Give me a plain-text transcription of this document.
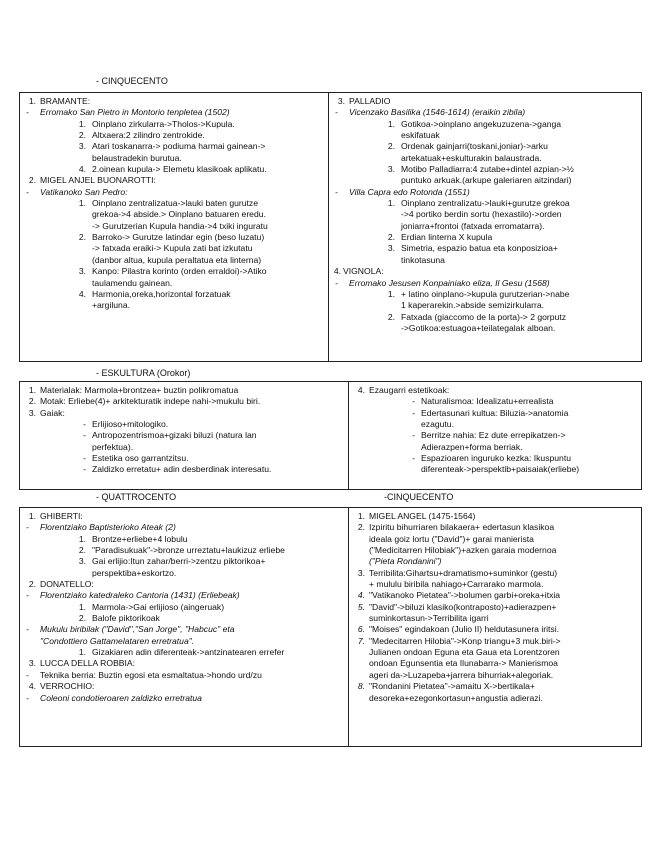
- CINQUECENTO
1. BRAMANTE:
- Erromako San Pietro in Montorio tenpletea (1502)
1. Oinplano zirkularra->Tholos->Kupula.
2. Altxaera:2 zilindro zentrokide.
3. Atari toskanarra-> podiuma harmai gainean->
belaustradekin burutua.
4. 2.oinean kupula-> Elemetu klasikoak aplikatu.
2. MIGEL ANJEL BUONAROTTI:
- Vatikanoko San Pedro:
1. Oinplano zentralizatua->lauki baten gurutze
grekoa->4 abside.> Oinplano batuaren eredu.
-> Gurutzerian Kupula handia->4 txiki inguratu
2. Barroko-> Gurutze latindar egin (beso luzatu)
-> fatxada eraiki-> Kupula zati bat izkutatu
(danbor altua, kupula peraltatua eta linterna)
3. Kanpo: Pilastra korinto (orden erraldoi)->Atiko
taulamendu gainean.
4. Harmonia,oreka,horizontal forzatuak
+argiluna.
3. PALLADIO
- Vicenzako Basilika (1546-1614) (eraikin zibila)
1. Gotikoa->oinplano angekuzuzena->ganga
eskifatuak
2. Ordenak gainjarri(toskani,joniar)->arku
artekatuak+eskulturakin balaustrada.
3. Motibo Palladiarra:4 zutabe+dintel azpian->½
puntuko arkuak.(arkupe galeriaren aitzindari)
- Villa Capra edo Rotonda (1551)
1. Oinplano zentralizatu->lauki+gurutze grekoa
->4 portiko berdin sortu (hexastilo)->orden
joniarra+frontoi (fatxada erromatarra).
2. Erdian linterna X kupula
3. Simetria, espazio batua eta konposizioa+
tinkotasuna
4. VIGNOLA:
- Erromako Jesusen Konpainiako eliza, Il Gesu (1568)
1. + latino oinplano->kupula gurutzerian->nabe
1 kaperarekin.>abside semizirkularra.
2. Fatxada (giaccomo de la porta)-> 2 gorputz
->Gotikoa:estuagoa+teilategalak alboan.
- ESKULTURA (Orokor)
1. Materialak: Marmola+brontzea+ buztin polikromatua
2. Motak: Erliebe(4)+ arkitekturatik indepe nahi->mukulu biri.
3. Gaiak:
- Erlijioso+mitologiko.
- Antropozentrismoa+gizaki biluzi (natura lan
perfektua).
- Estetika oso garrantzitsu.
- Zaldizko erretatu+ adin desberdinak interesatu.
4. Ezaugarri estetikoak:
- Naturalismoa: Idealizatu+errealista
- Edertasunari kultua: Biluzia->anatomia
ezagutu.
- Berritze nahia: Ez dute errepikatzen->
Adierazpen+forma berriak.
- Espazioaren inguruko kezka: Ikuspuntu
diferenteak->perspektib+paisaiak(erliebe)
- QUATTROCENTO	-CINQUECENTO
1. GHIBERTI:
- Florentziako Baptisterioko Ateak (2)
1. Brontze+erliebe+4 lobulu
2. "Paradisukuak"->bronze urreztatu+laukizuz erliebe
3. Gai erlijio:Itun zahar/berri->zentzu piktorikoa+
perspektiba+eskortzo.
2. DONATELLO:
- Florentziako katedraleko Cantoria (1431) (Erliebeak)
1. Marmola->Gai erlijioso (aingeruak)
2. Balofe piktorikoak
- Mukulu biribilak ("David","San Jorge", "Habcuc" eta
"Condottiero Gattamelataren erretratua".
1. Gizakiaren adin diferenteak->antzinatearen errefer
3. LUCCA DELLA ROBBIA:
- Teknika berria: Buztin egosi eta esmaltatua->hondo urd/zu
4. VERROCHIO:
- Coleoni condotieroaren zaldizko erretratua
1. MIGEL ANGEL (1475-1564)
2. Izpiritu bihurriaren bilakaera+ edertasun klasikoa
ideala goiz lortu ("David")+ garai manierista
("Medicitarren Hilobiak")+azken garaia modernoa
("Pieta Rondanini")
3. Terribilita:Gihartsu+dramatismo+suminkor (gestu)
+ mululu biribila nahiago+Carrarako marmola.
4. "Vatikanoko Pietatea"->bolumen garbi+oreka+itxia
5. "David"->biluzi klasiko(kontraposto)+adierazpen+
suminkortasun->Terribilita igarri
6. "Moises" egindakoan (Julio II) heldutasunera iritsi.
7. "Medecitarren Hilobia"->Konp triangu+3 muk.biri->
Julianen ondoan Eguna eta Gaua eta Lorentzoren
ondoan Egunsentia eta Ilunabarra-> Manierismoa
ageri da->Luzapeba+jarrera bihurriak+alegoriak.
8. "Rondanini Pietatea"->amaitu X->bertikala+
desoreka+ezegonkortasun+angustia adierazi.
